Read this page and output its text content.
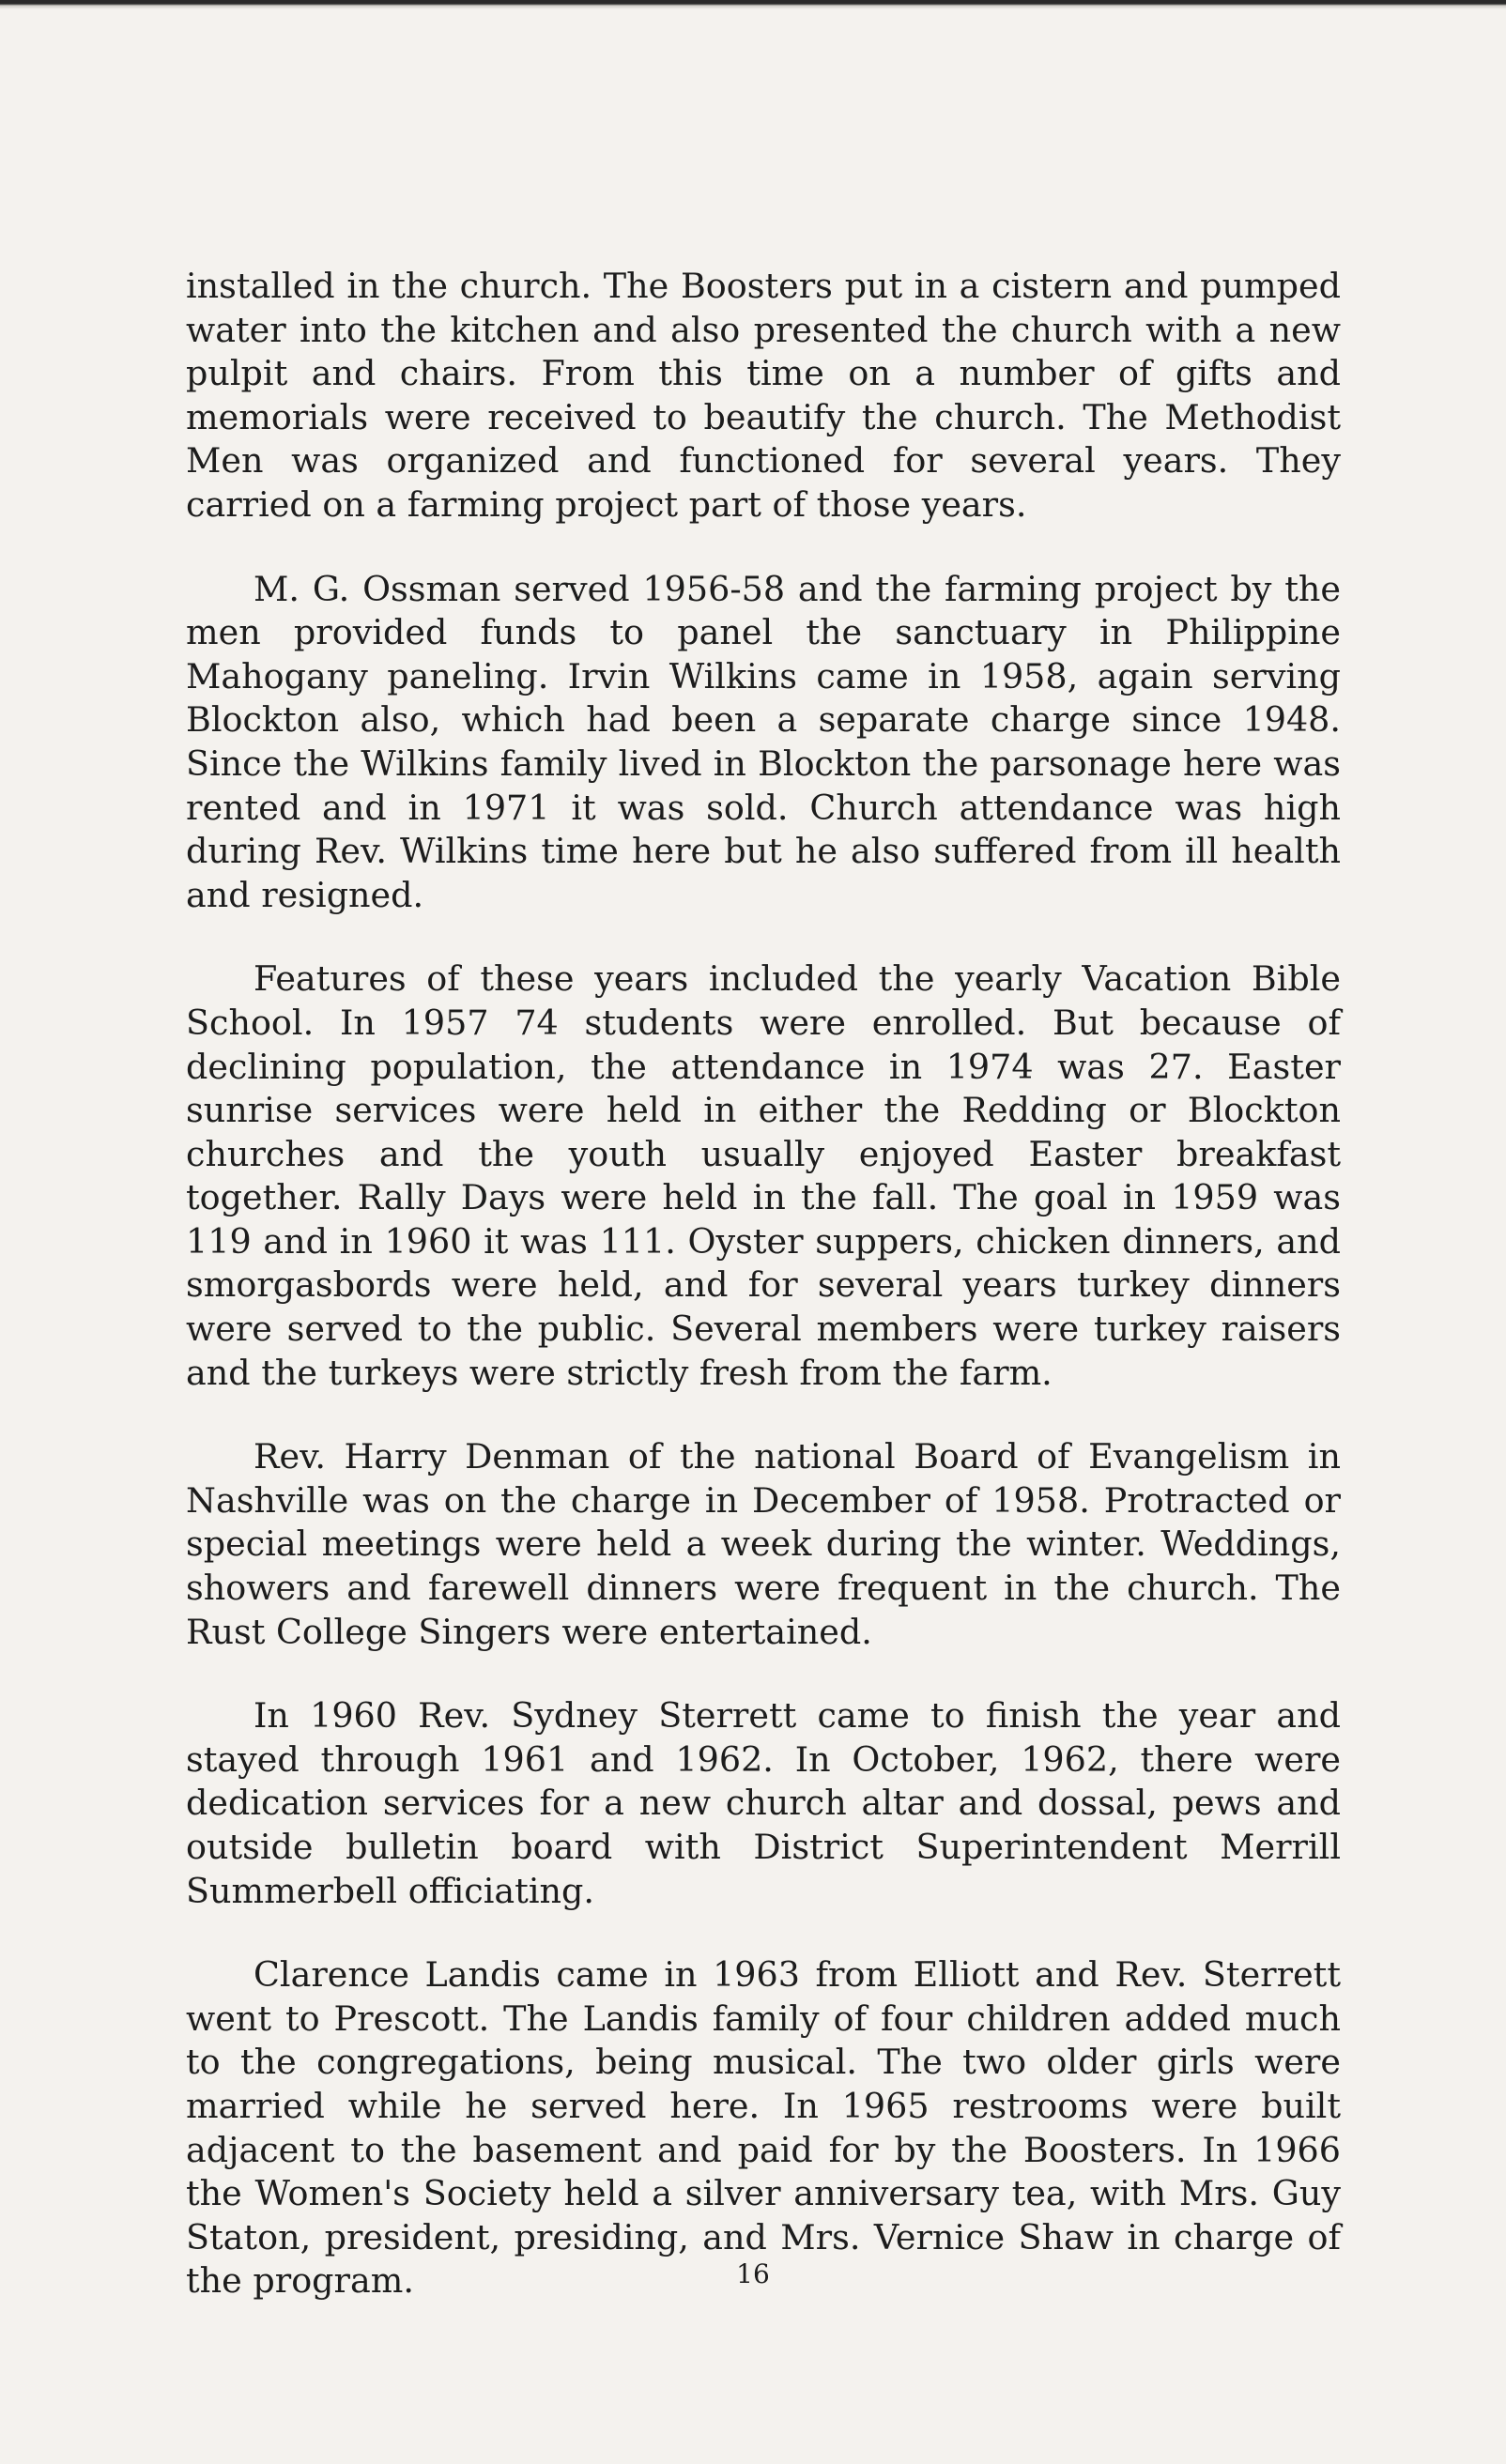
installed in the church. The Boosters put in a cistern and pumped water into the kitchen and also presented the church with a new pulpit and chairs. From this time on a number of gifts and memorials were received to beautify the church. The Methodist Men was organized and functioned for several years. They carried on a farming project part of those years.

M. G. Ossman served 1956-58 and the farming project by the men provided funds to panel the sanctuary in Philippine Mahogany paneling. Irvin Wilkins came in 1958, again serving Blockton also, which had been a separate charge since 1948. Since the Wilkins family lived in Blockton the parsonage here was rented and in 1971 it was sold. Church attendance was high during Rev. Wilkins time here but he also suffered from ill health and resigned.

Features of these years included the yearly Vacation Bible School. In 1957 74 students were enrolled. But because of declining population, the attendance in 1974 was 27. Easter sunrise services were held in either the Redding or Blockton churches and the youth usually enjoyed Easter breakfast together. Rally Days were held in the fall. The goal in 1959 was 119 and in 1960 it was 111. Oyster suppers, chicken dinners, and smorgasbords were held, and for several years turkey dinners were served to the public. Several members were turkey raisers and the turkeys were strictly fresh from the farm.

Rev. Harry Denman of the national Board of Evangelism in Nashville was on the charge in December of 1958. Protracted or special meetings were held a week during the winter. Weddings, showers and farewell dinners were frequent in the church. The Rust College Singers were entertained.

In 1960 Rev. Sydney Sterrett came to finish the year and stayed through 1961 and 1962. In October, 1962, there were dedication services for a new church altar and dossal, pews and outside bulletin board with District Superintendent Merrill Summerbell officiating.

Clarence Landis came in 1963 from Elliott and Rev. Sterrett went to Prescott. The Landis family of four children added much to the congregations, being musical. The two older girls were married while he served here. In 1965 restrooms were built adjacent to the basement and paid for by the Boosters. In 1966 the Women's Society held a silver anniversary tea, with Mrs. Guy Staton, president, presiding, and Mrs. Vernice Shaw in charge of the program.	16
